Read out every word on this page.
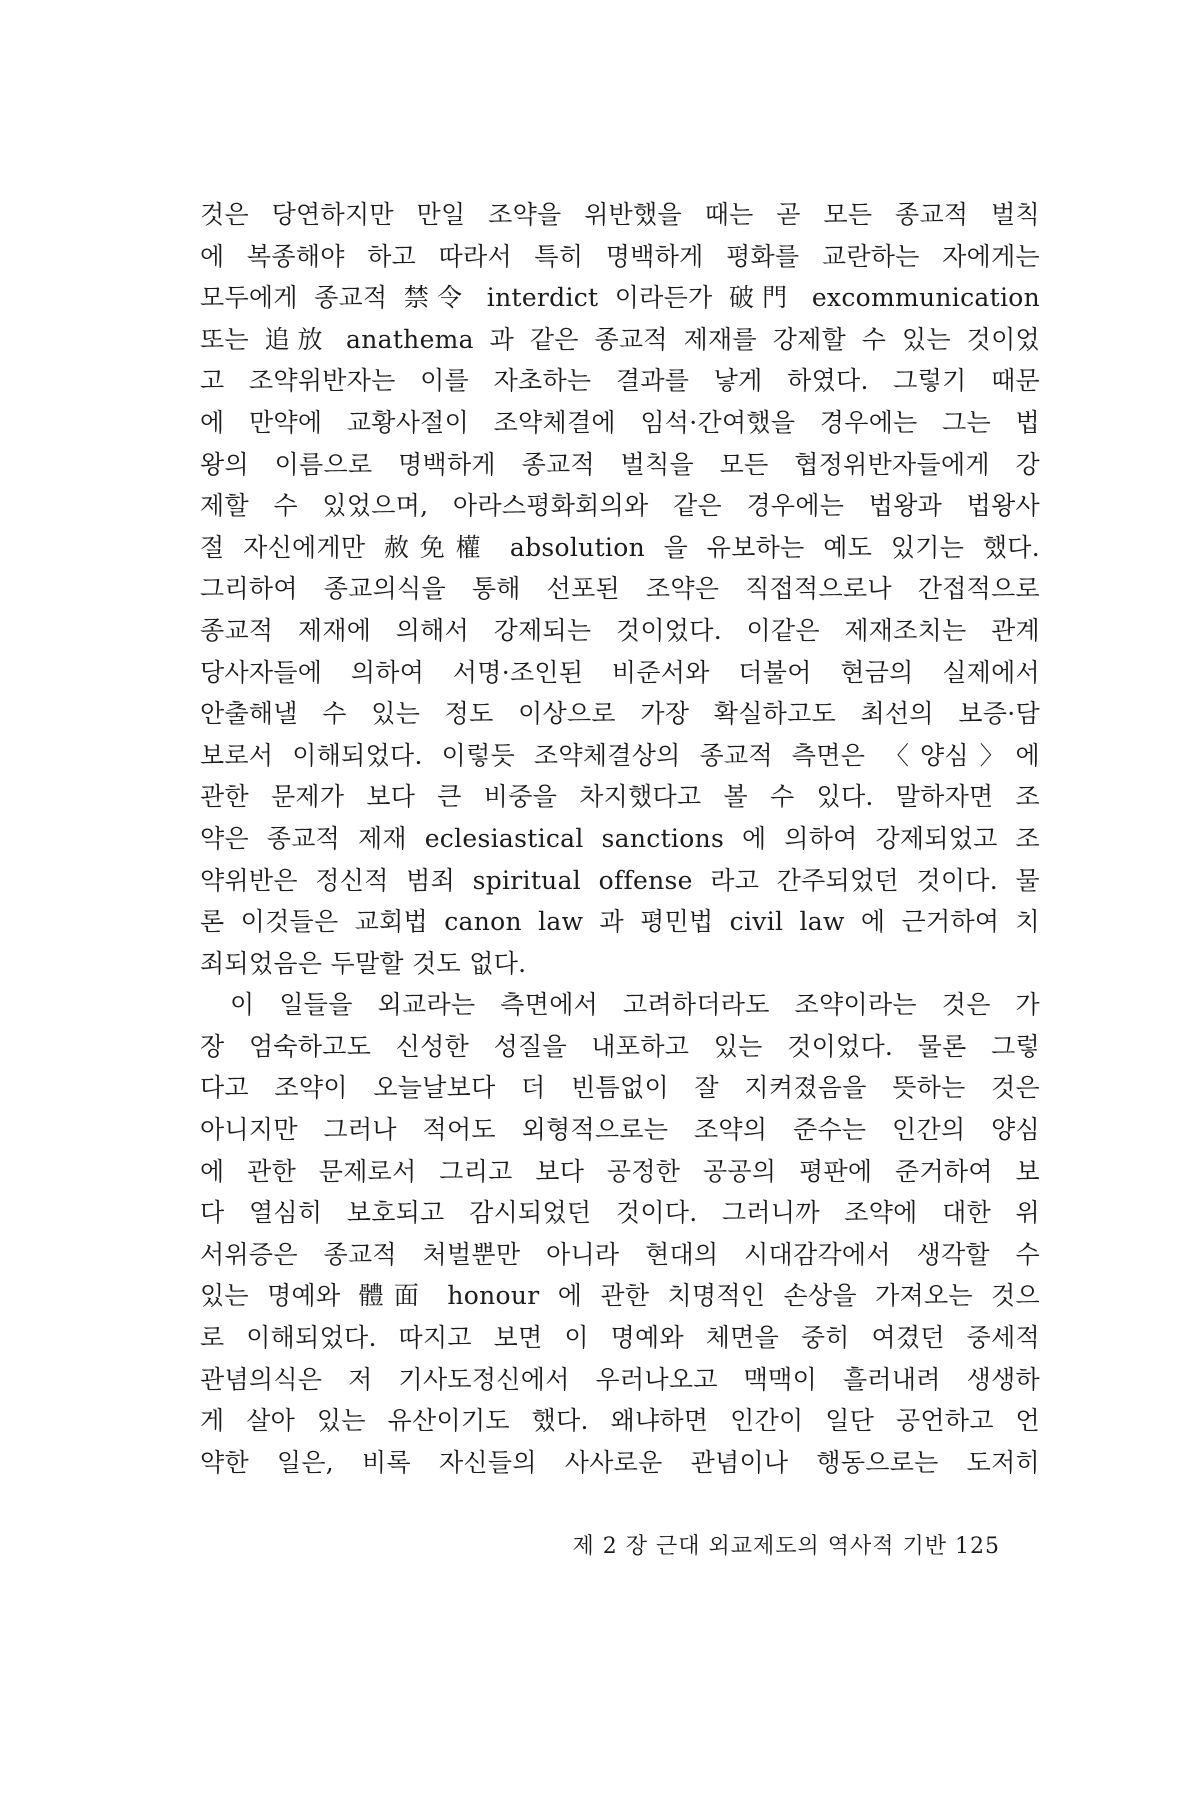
것은 당연하지만 만일 조약을 위반했을 때는 곧 모든 종교적 벌칙
에 복종해야 하고 따라서 특히 명백하게 평화를 교란하는 자에게는
모두에게 종교적 禁令 interdict 이라든가 破門 excommunication
또는 追放 anathema 과 같은 종교적 제재를 강제할 수 있는 것이었
고 조약위반자는 이를 자초하는 결과를 낳게 하였다. 그렇기 때문
에 만약에 교황사절이 조약체결에 임석·간여했을 경우에는 그는 법
왕의 이름으로 명백하게 종교적 벌칙을 모든 협정위반자들에게 강
제할 수 있었으며, 아라스평화회의와 같은 경우에는 법왕과 법왕사
절 자신에게만 赦免權 absolution 을 유보하는 예도 있기는 했다.
그리하여 종교의식을 통해 선포된 조약은 직접적으로나 간접적으로
종교적 제재에 의해서 강제되는 것이었다. 이같은 제재조치는 관계
당사자들에 의하여 서명·조인된 비준서와 더불어 현금의 실제에서
안출해낼 수 있는 정도 이상으로 가장 확실하고도 최선의 보증·담
보로서 이해되었다. 이렇듯 조약체결상의 종교적 측면은 〈양심〉에
관한 문제가 보다 큰 비중을 차지했다고 볼 수 있다. 말하자면 조
약은 종교적 제재 eclesiastical sanctions 에 의하여 강제되었고 조
약위반은 정신적 범죄 spiritual offense 라고 간주되었던 것이다. 물
론 이것들은 교회법 canon law 과 평민법 civil law 에 근거하여 치
죄되었음은 두말할 것도 없다.
이 일들을 외교라는 측면에서 고려하더라도 조약이라는 것은 가
장 엄숙하고도 신성한 성질을 내포하고 있는 것이었다. 물론 그렇
다고 조약이 오늘날보다 더 빈틈없이 잘 지켜졌음을 뜻하는 것은
아니지만 그러나 적어도 외형적으로는 조약의 준수는 인간의 양심
에 관한 문제로서 그리고 보다 공정한 공공의 평판에 준거하여 보
다 열심히 보호되고 감시되었던 것이다. 그러니까 조약에 대한 위
서위증은 종교적 처벌뿐만 아니라 현대의 시대감각에서 생각할 수
있는 명예와 體面 honour 에 관한 치명적인 손상을 가져오는 것으
로 이해되었다. 따지고 보면 이 명예와 체면을 중히 여겼던 중세적
관념의식은 저 기사도정신에서 우러나오고 맥맥이 흘러내려 생생하
게 살아 있는 유산이기도 했다. 왜냐하면 인간이 일단 공언하고 언
약한 일은, 비록 자신들의 사사로운 관념이나 행동으로는 도저히
제 2 장 근대 외교제도의 역사적 기반 125
